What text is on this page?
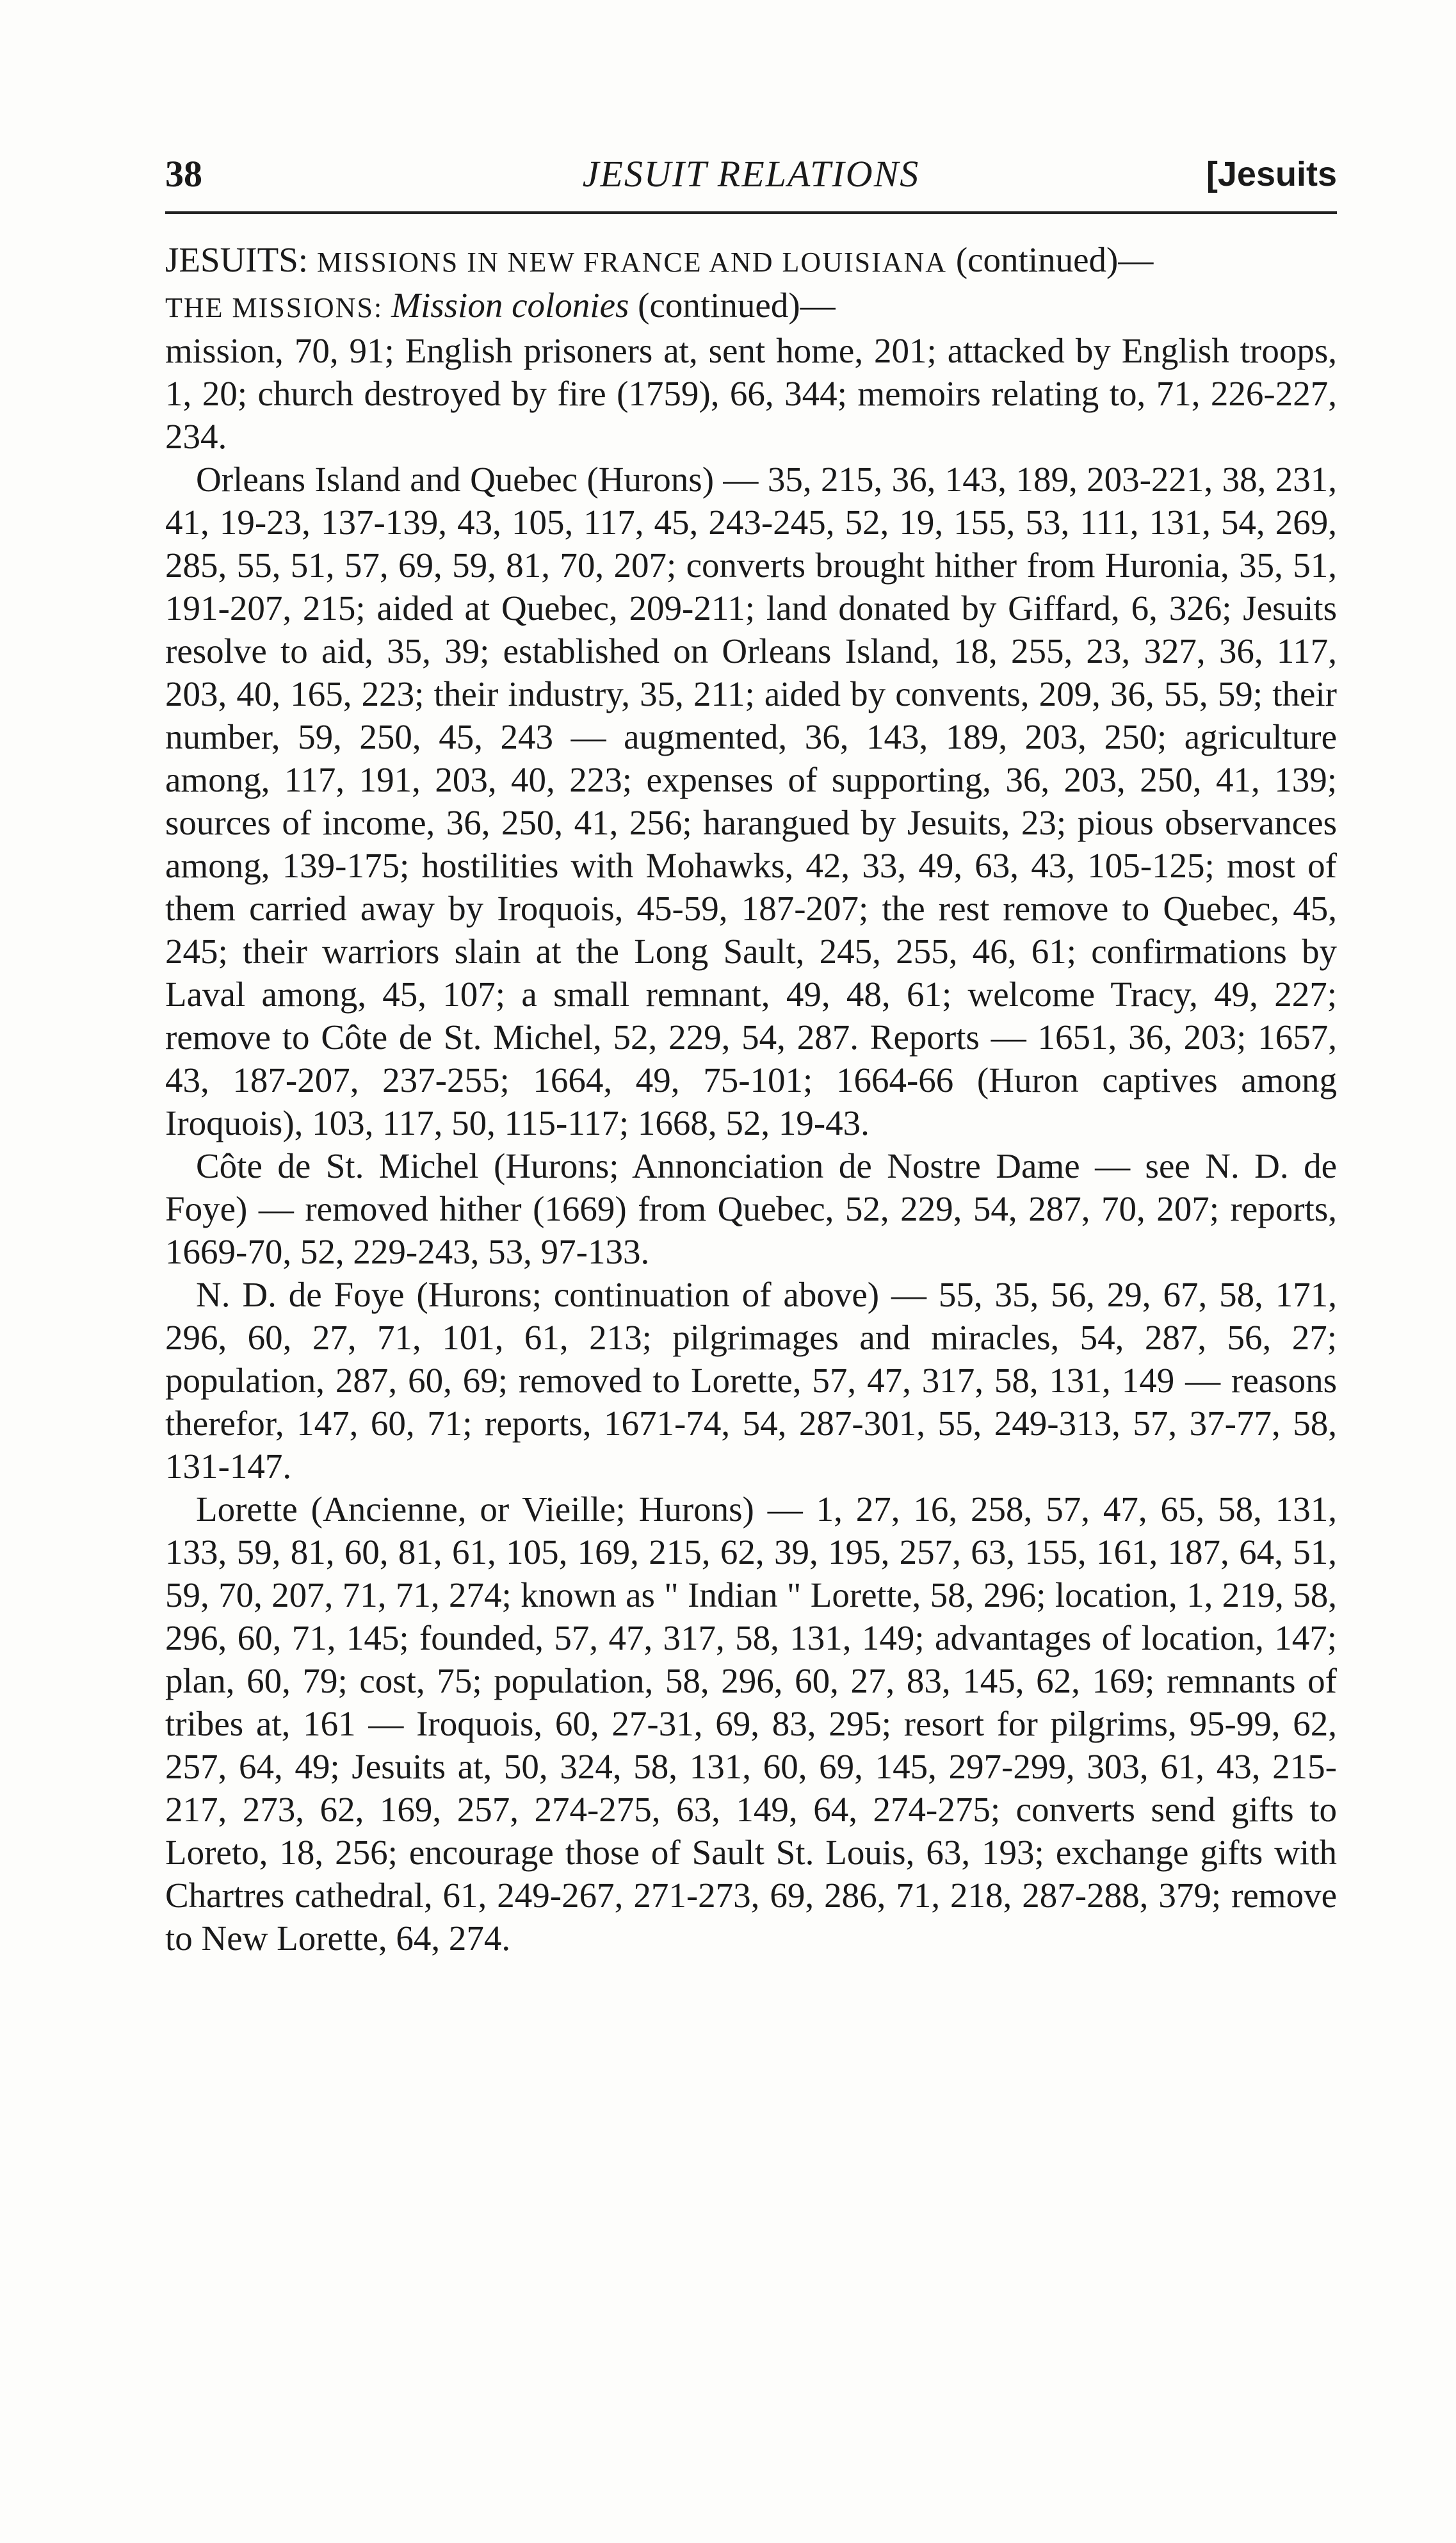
38	JESUIT RELATIONS	[Jesuits
JESUITS: MISSIONS IN NEW FRANCE AND LOUISIANA (continued)—
THE MISSIONS: Mission colonies (continued)—

mission, 70, 91; English prisoners at, sent home, 201; attacked by English troops, 1, 20; church destroyed by fire (1759), 66, 344; memoirs relating to, 71, 226-227, 234.

Orleans Island and Quebec (Hurons) — 35, 215, 36, 143, 189, 203-221, 38, 231, 41, 19-23, 137-139, 43, 105, 117, 45, 243-245, 52, 19, 155, 53, 111, 131, 54, 269, 285, 55, 51, 57, 69, 59, 81, 70, 207; converts brought hither from Huronia, 35, 51, 191-207, 215; aided at Quebec, 209-211; land donated by Giffard, 6, 326; Jesuits resolve to aid, 35, 39; established on Orleans Island, 18, 255, 23, 327, 36, 117, 203, 40, 165, 223; their industry, 35, 211; aided by convents, 209, 36, 55, 59; their number, 59, 250, 45, 243 — augmented, 36, 143, 189, 203, 250; agriculture among, 117, 191, 203, 40, 223; expenses of supporting, 36, 203, 250, 41, 139; sources of income, 36, 250, 41, 256; harangued by Jesuits, 23; pious observances among, 139-175; hostilities with Mohawks, 42, 33, 49, 63, 43, 105-125; most of them carried away by Iroquois, 45-59, 187-207; the rest remove to Quebec, 45, 245; their warriors slain at the Long Sault, 245, 255, 46, 61; confirmations by Laval among, 45, 107; a small remnant, 49, 48, 61; welcome Tracy, 49, 227; remove to Côte de St. Michel, 52, 229, 54, 287. Reports — 1651, 36, 203; 1657, 43, 187-207, 237-255; 1664, 49, 75-101; 1664-66 (Huron captives among Iroquois), 103, 117, 50, 115-117; 1668, 52, 19-43.

Côte de St. Michel (Hurons; Annonciation de Nostre Dame — see N. D. de Foye) — removed hither (1669) from Quebec, 52, 229, 54, 287, 70, 207; reports, 1669-70, 52, 229-243, 53, 97-133.

N. D. de Foye (Hurons; continuation of above) — 55, 35, 56, 29, 67, 58, 171, 296, 60, 27, 71, 101, 61, 213; pilgrimages and miracles, 54, 287, 56, 27; population, 287, 60, 69; removed to Lorette, 57, 47, 317, 58, 131, 149 — reasons therefor, 147, 60, 71; reports, 1671-74, 54, 287-301, 55, 249-313, 57, 37-77, 58, 131-147.

Lorette (Ancienne, or Vieille; Hurons) — 1, 27, 16, 258, 57, 47, 65, 58, 131, 133, 59, 81, 60, 81, 61, 105, 169, 215, 62, 39, 195, 257, 63, 155, 161, 187, 64, 51, 59, 70, 207, 71, 71, 274; known as " Indian " Lorette, 58, 296; location, 1, 219, 58, 296, 60, 71, 145; founded, 57, 47, 317, 58, 131, 149; advantages of location, 147; plan, 60, 79; cost, 75; population, 58, 296, 60, 27, 83, 145, 62, 169; remnants of tribes at, 161 — Iroquois, 60, 27-31, 69, 83, 295; resort for pilgrims, 95-99, 62, 257, 64, 49; Jesuits at, 50, 324, 58, 131, 60, 69, 145, 297-299, 303, 61, 43, 215-217, 273, 62, 169, 257, 274-275, 63, 149, 64, 274-275; converts send gifts to Loreto, 18, 256; encourage those of Sault St. Louis, 63, 193; exchange gifts with Chartres cathedral, 61, 249-267, 271-273, 69, 286, 71, 218, 287-288, 379; remove to New Lorette, 64, 274.
